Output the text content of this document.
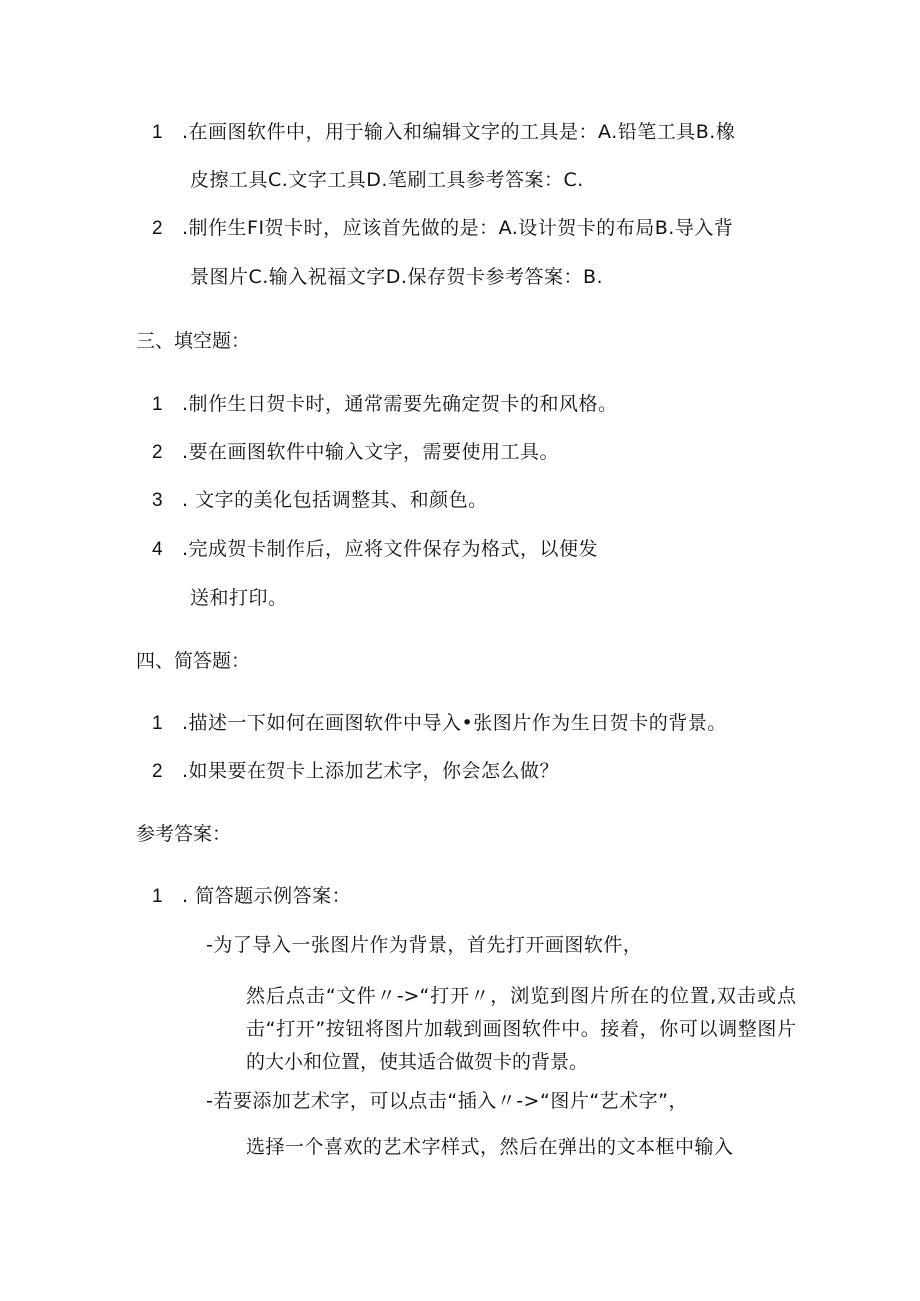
1 .在画图软件中，用于输入和编辑文字的工具是：A.铅笔工具B.橡
皮擦工具C.文字工具D.笔刷工具参考答案：C.
2 .制作生FI贺卡时，应该首先做的是：A.设计贺卡的布局B.导入背
景图片C.输入祝福文字D.保存贺卡参考答案：B.
三、填空题：
1 .制作生日贺卡时，通常需要先确定贺卡的和风格。
2 .要在画图软件中输入文字，需要使用工具。
3 . 文字的美化包括调整其、和颜色。
4 .完成贺卡制作后，应将文件保存为格式，以便发
送和打印。
四、简答题：
1 .描述一下如何在画图软件中导入•张图片作为生日贺卡的背景。
2 .如果要在贺卡上添加艺术字，你会怎么做？
参考答案：
1 . 简答题示例答案：
-为了导入一张图片作为背景，首先打开画图软件，
然后点击“文件〃->“打开〃，浏览到图片所在的位置,双击或点击“打开”按钮将图片加载到画图软件中。接着，你可以调整图片的大小和位置，使其适合做贺卡的背景。
-若要添加艺术字，可以点击“插入〃->“图片“艺术字”，
选择一个喜欢的艺术字样式，然后在弹出的文本框中输入
